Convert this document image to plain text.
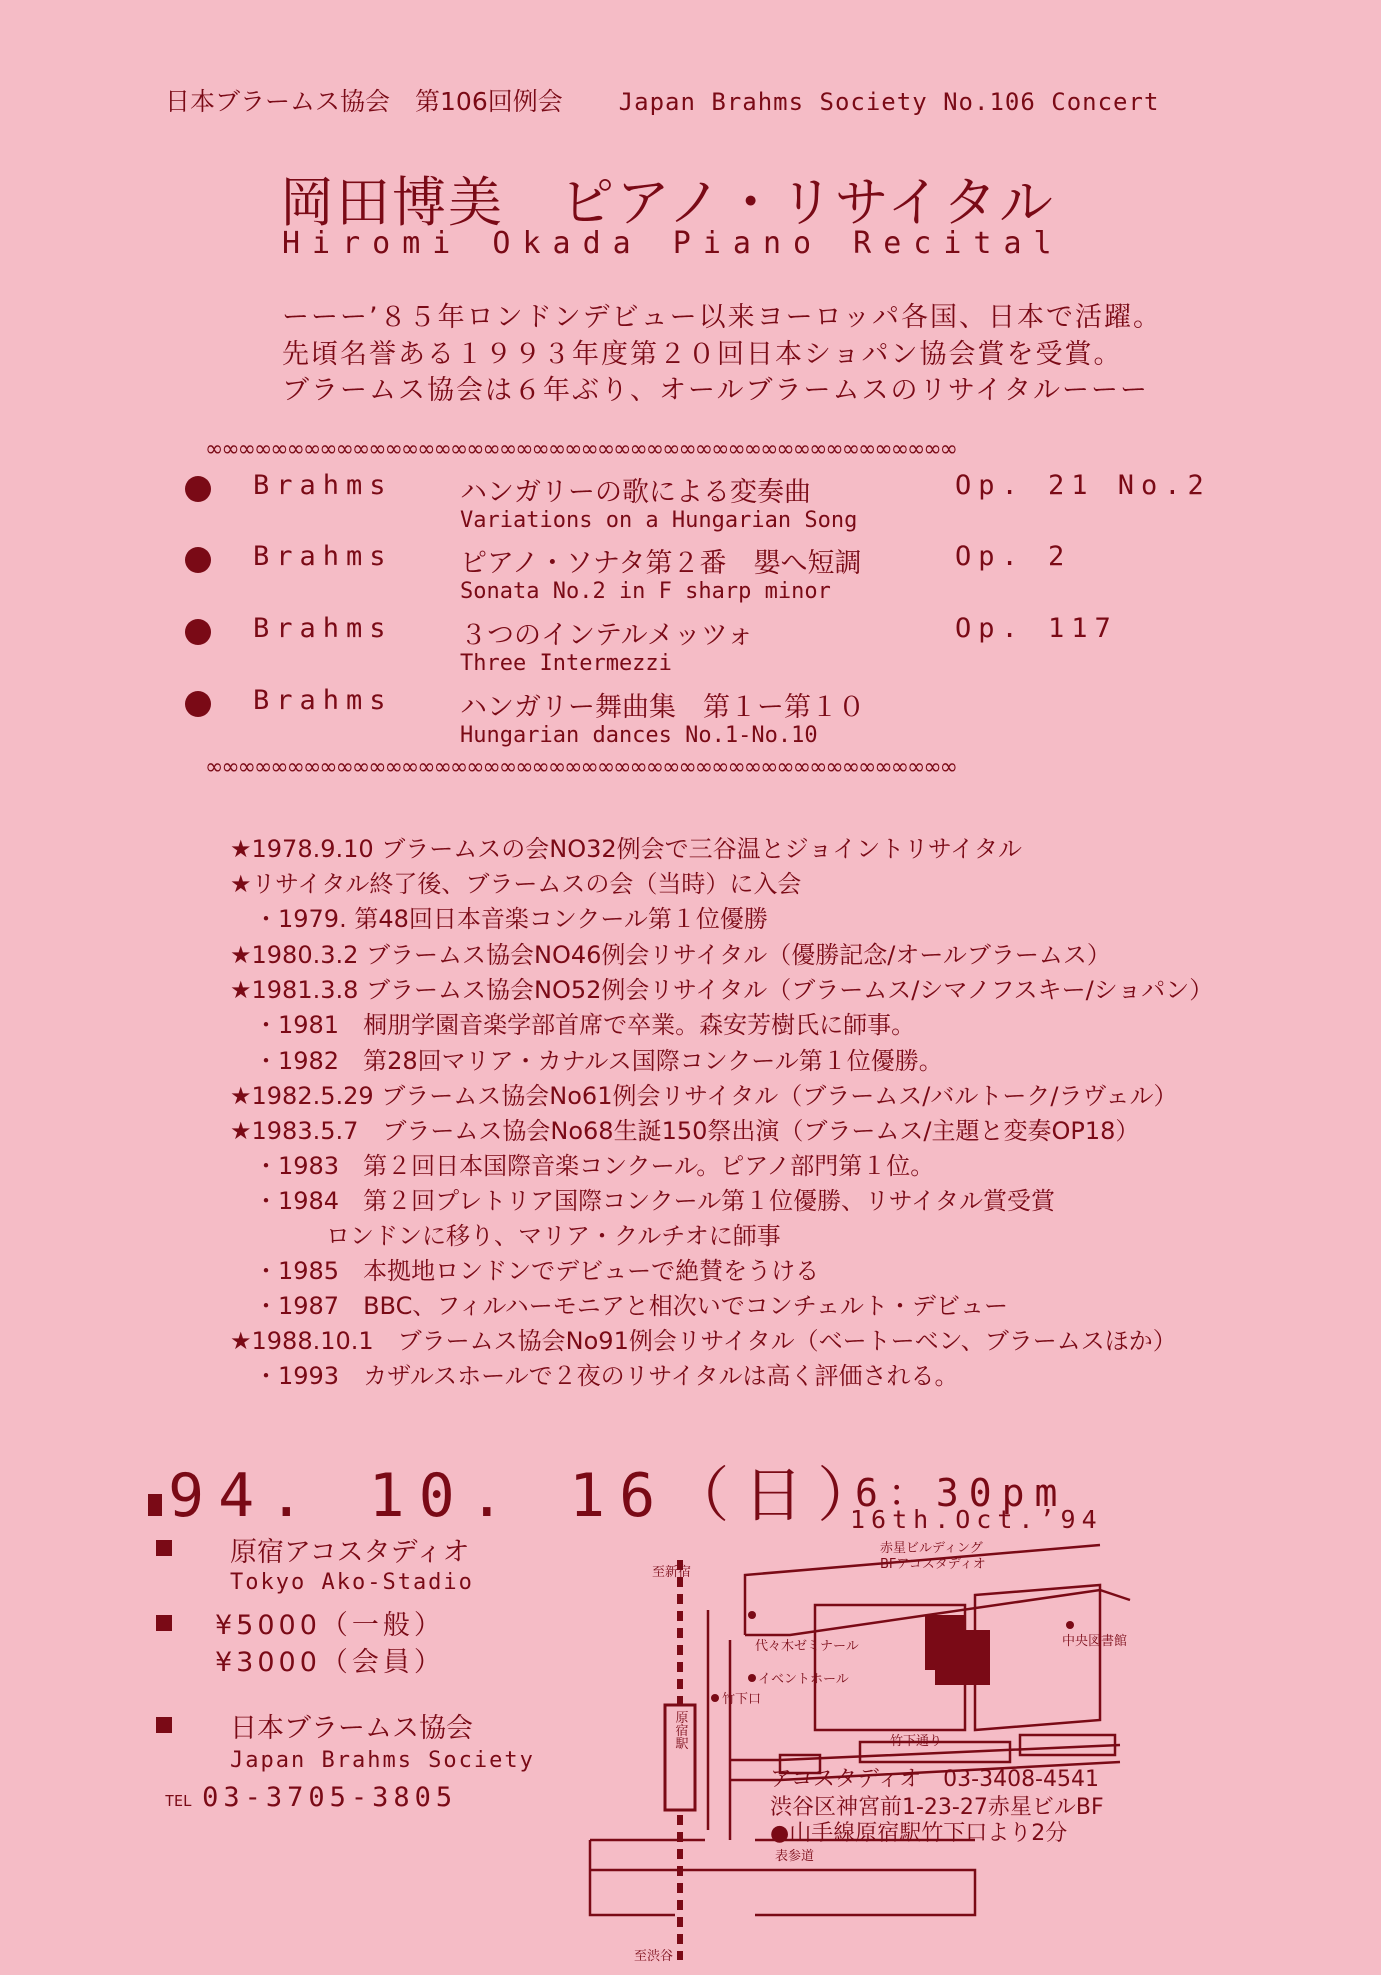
日本ブラームス協会　第106回例会 Japan Brahms Society No.106 Concert
岡田博美　ピアノ・リサイタル
Hiromi Okada Piano Recital
ーーー’８５年ロンドンデビュー以来ヨーロッパ各国、日本で活躍。
先頃名誉ある１９９３年度第２０回日本ショパン協会賞を受賞。
ブラームス協会は６年ぶり、オールブラームスのリサイタルーーー
∞∞∞∞∞∞∞∞∞∞∞∞∞∞∞∞∞∞∞∞∞∞∞∞∞∞∞∞∞∞∞∞∞∞∞∞∞∞∞∞∞∞∞∞∞∞
Brahms ハンガリーの歌による変奏曲	Op. 21 No.2
Variations on a Hungarian Song
Brahms ピアノ・ソナタ第２番　嬰へ短調	Op. 2
Sonata No.2 in F sharp minor
Brahms ３つのインテルメッツォ	Op. 117
Three Intermezzi
Brahms ハンガリー舞曲集　第１ー第１０
Hungarian dances No.1-No.10
∞∞∞∞∞∞∞∞∞∞∞∞∞∞∞∞∞∞∞∞∞∞∞∞∞∞∞∞∞∞∞∞∞∞∞∞∞∞∞∞∞∞∞∞∞∞
★1978.9.10 ブラームスの会NO32例会で三谷温とジョイントリサイタル
★リサイタル終了後、ブラームスの会（当時）に入会
　・1979. 第48回日本音楽コンクール第１位優勝
★1980.3.2 ブラームス協会NO46例会リサイタル（優勝記念/オールブラームス）
★1981.3.8 ブラームス協会NO52例会リサイタル（ブラームス/シマノフスキー/ショパン）
　・1981　桐朋学園音楽学部首席で卒業。森安芳樹氏に師事。
　・1982　第28回マリア・カナルス国際コンクール第１位優勝。
★1982.5.29 ブラームス協会No61例会リサイタル（ブラームス/バルトーク/ラヴェル）
★1983.5.7　ブラームス協会No68生誕150祭出演（ブラームス/主題と変奏OP18）
　・1983　第２回日本国際音楽コンクール。ピアノ部門第１位。
　・1984　第２回プレトリア国際コンクール第１位優勝、リサイタル賞受賞
　　　　ロンドンに移り、マリア・クルチオに師事
　・1985　本拠地ロンドンでデビューで絶賛をうける
　・1987　BBC、フィルハーモニアと相次いでコンチェルト・デビュー
★1988.10.1　ブラームス協会No91例会リサイタル（ベートーベン、ブラームスほか）
　・1993　カザルスホールで２夜のリサイタルは高く評価される。
94. 10. 16（日）
6：30pm
16th.Oct.’94
原宿アコスタディオ
Tokyo Ako-Stadio
¥5000（一般）
¥3000（会員）
日本ブラームス協会
Japan Brahms Society
TEL 03-3705-3805
原宿駅
赤星ビルディング
BFアコスタディオ
至新宿
代々木ゼミナール
イベントホール
中央図書館
竹下口
竹下通り
表参道
至渋谷
アコスタディオ　03-3408-4541
渋谷区神宮前1-23-27赤星ビルBF
●山手線原宿駅竹下口より2分
